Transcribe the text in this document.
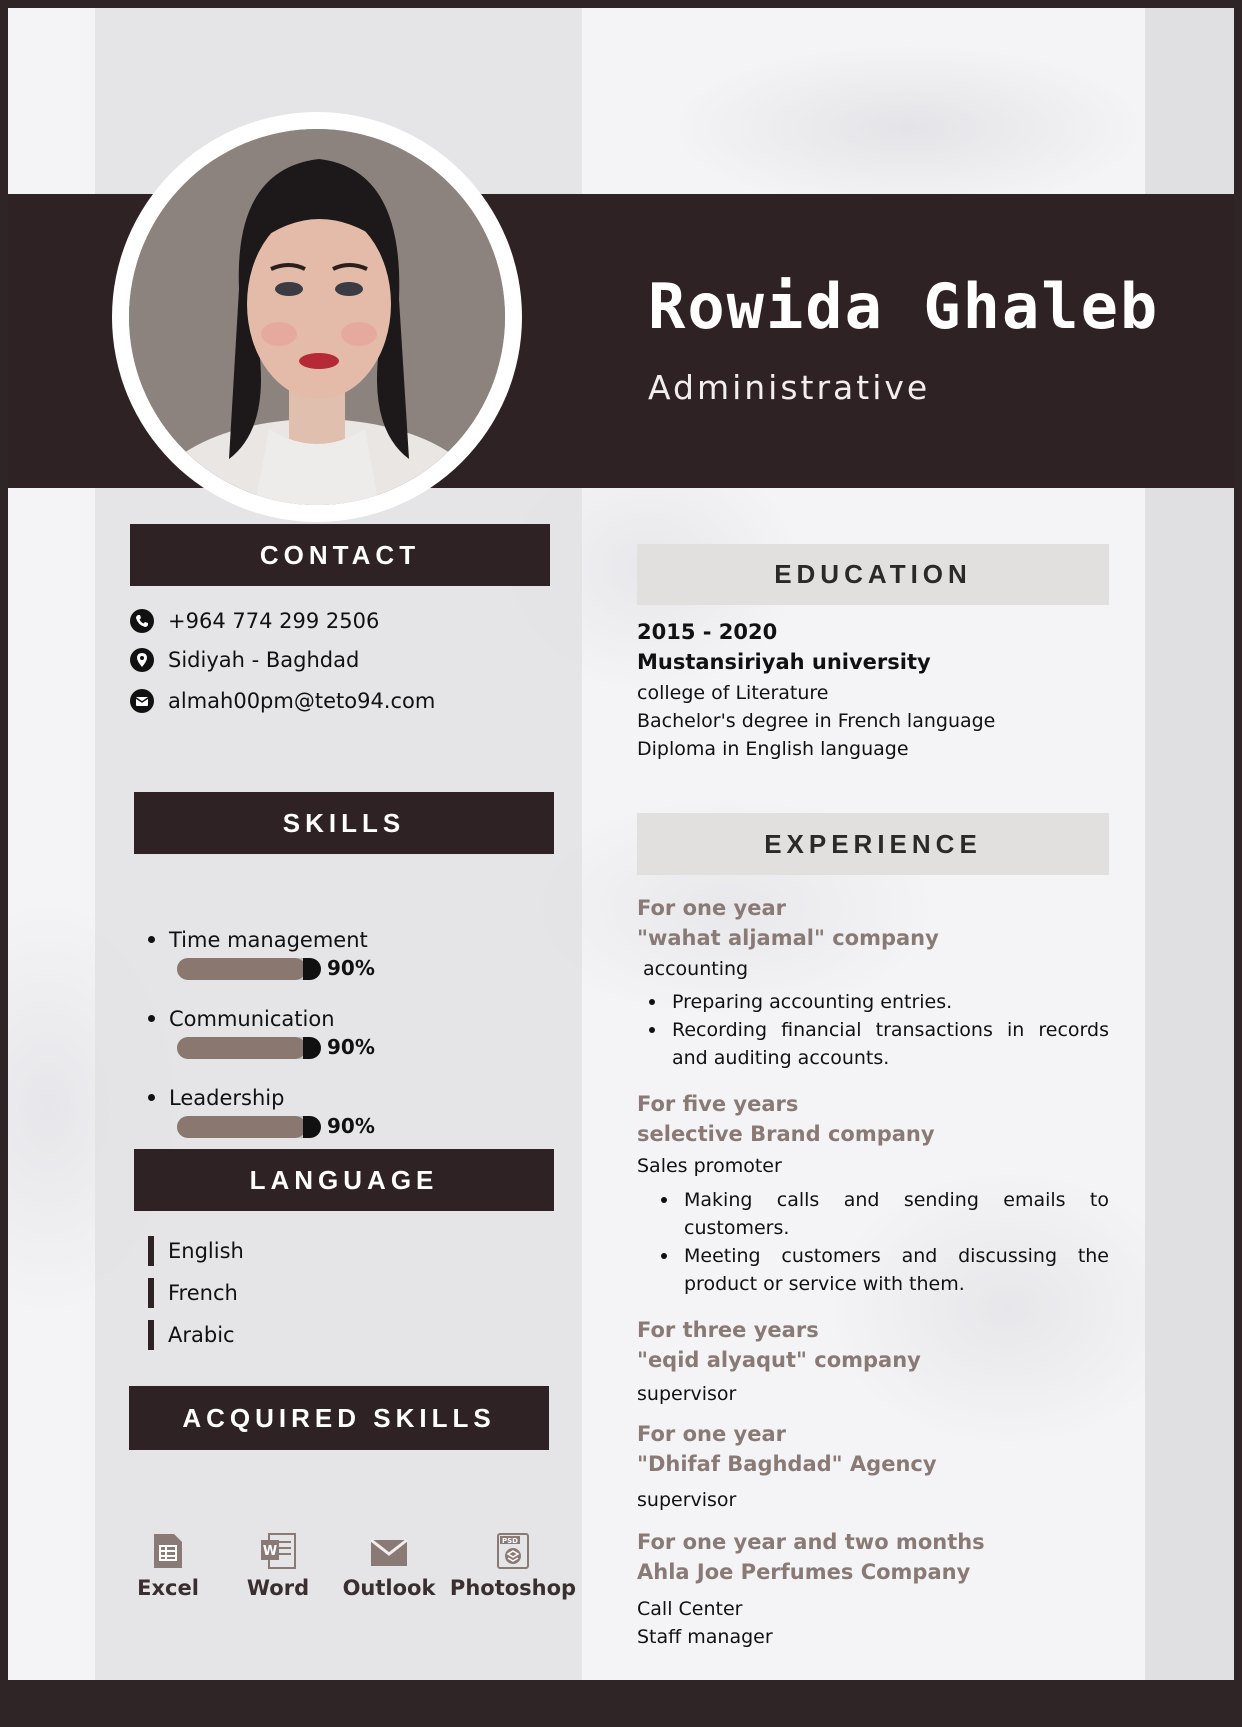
Rowida Ghaleb
Administrative
CONTACT
+964 774 299 2506
Sidiyah - Baghdad
almah00pm@teto94.com
SKILLS
Time management
90%
Communication
90%
Leadership
90%
LANGUAGE
English
French
Arabic
ACQUIRED SKILLS
Excel
W
Word	Outlook
PSD
Photoshop
EDUCATION
2015 - 2020
Mustansiriyah university
college of Literature
Bachelor's degree in French language
Diploma in English language
EXPERIENCE
For one year
"wahat aljamal" company
accounting
Preparing accounting entries.
Recording financial transactions in records and auditing accounts.
For five years
selective Brand company
Sales promoter
Making calls and sending emails to customers.
Meeting customers and discussing the product or service with them.
For three years
"eqid alyaqut" company
supervisor
For one year
"Dhifaf Baghdad" Agency
supervisor
For one year and two months
Ahla Joe Perfumes Company
Call Center
Staff manager
